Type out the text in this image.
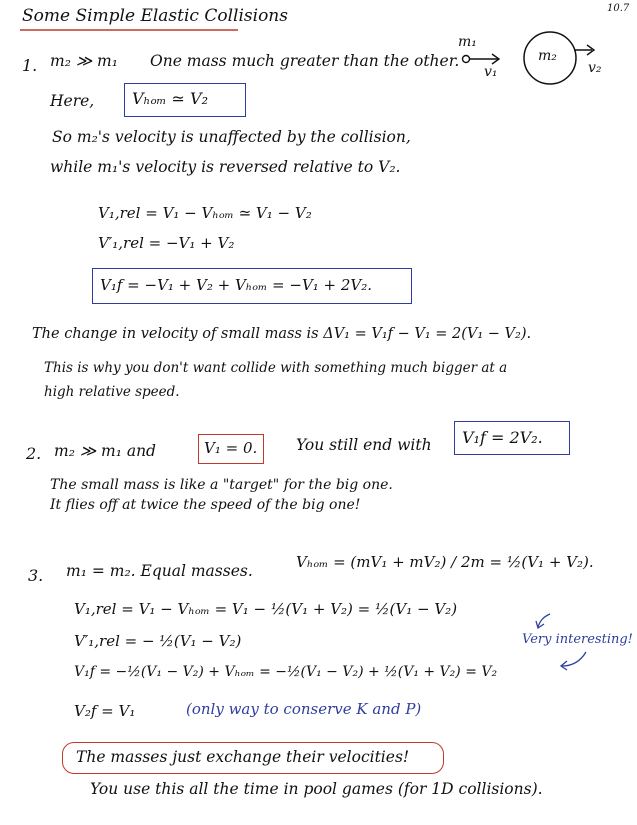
10.7
Some Simple Elastic Collisions
m₁
v₁
m₂
v₂
1. m₂ ≫ m₁ One mass much greater than the other.
Here, Vₕₒₘ ≃ V₂
So m₂'s velocity is unaffected by the collision,
while m₁'s velocity is reversed relative to V₂.
V₁,rel = V₁ − Vₕₒₘ ≃ V₁ − V₂
V′₁,rel = −V₁ + V₂
V₁f = −V₁ + V₂ + Vₕₒₘ = −V₁ + 2V₂.
The change in velocity of small mass is ΔV₁ = V₁f − V₁ = 2(V₁ − V₂).
This is why you don't want collide with something much bigger at a
high relative speed.
2. m₂ ≫ m₁ and	V₁ = 0. You still end with V₁f = 2V₂.
The small mass is like a "target" for the big one.
It flies off at twice the speed of the big one!
3. m₁ = m₂. Equal masses.	Vₕₒₘ = (mV₁ + mV₂) / 2m = ½(V₁ + V₂).
V₁,rel = V₁ − Vₕₒₘ = V₁ − ½(V₁ + V₂) = ½(V₁ − V₂)
V′₁,rel = − ½(V₁ − V₂)
V₁f = −½(V₁ − V₂) + Vₕₒₘ = −½(V₁ − V₂) + ½(V₁ + V₂) = V₂
V₂f = V₁	(only way to conserve K and P)
Very interesting!
The masses just exchange their velocities!
You use this all the time in pool games (for 1D collisions).
